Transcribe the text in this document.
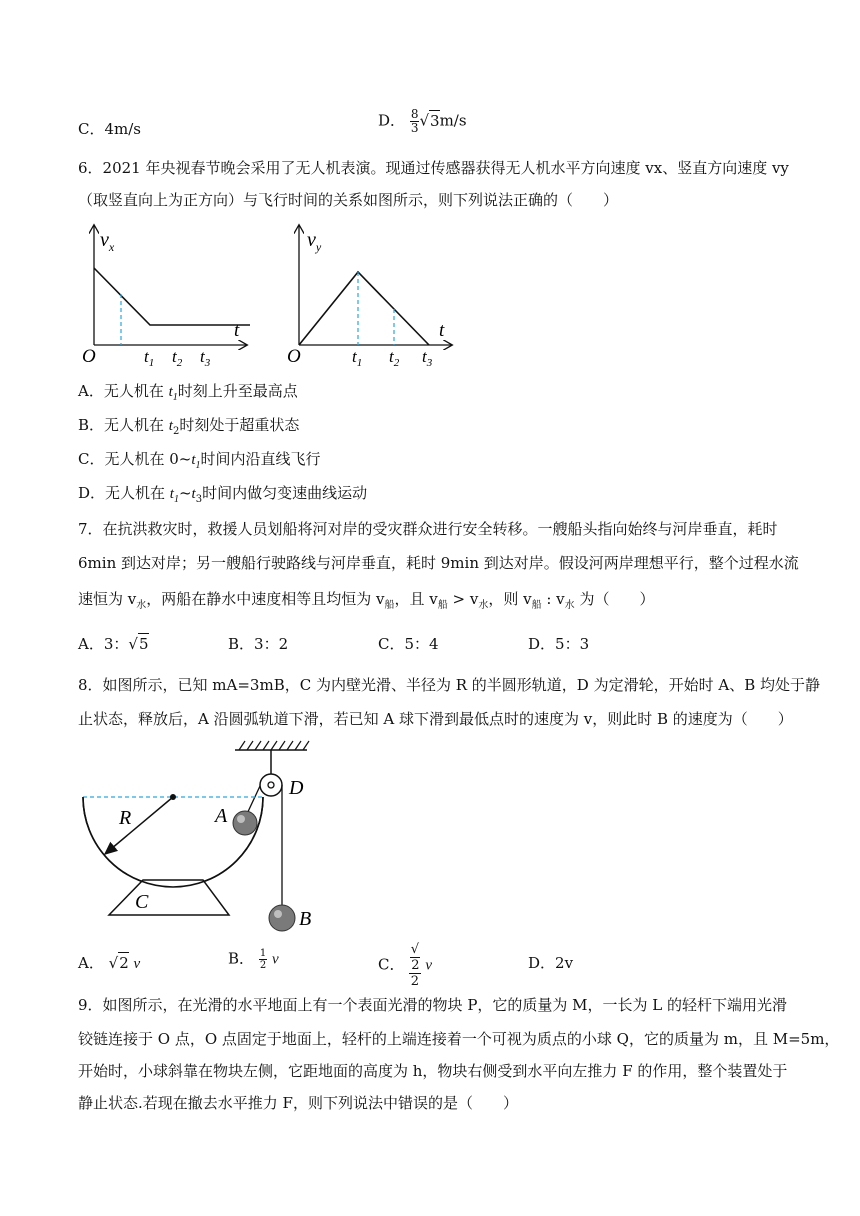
C．4m/s	D． $\frac{8}{3} √3m/s$
6．2021 年央视春节晚会采用了无人机表演。现通过传感器获得无人机水平方向速度 vx、竖直方向速度 vy
（取竖直向上为正方向）与飞行时间的关系如图所示，则下列说法正确的（　　）
$v_x$
t
O	$t_1$ $t_2$ $t_3$
$v_y$
t
O	$t_1$ $t_2$ $t_3$
A．无人机在 $t_1$时刻上升至最高点
B．无人机在 $t_2$时刻处于超重状态
C．无人机在 $0\sim t_1$时间内沿直线飞行
D．无人机在 $t_1\sim t_3$时间内做匀变速曲线运动
7．在抗洪救灾时，救援人员划船将河对岸的受灾群众进行安全转移。一艘船头指向始终与河岸垂直，耗时
6min 到达对岸；另一艘船行驶路线与河岸垂直，耗时 9min 到达对岸。假设河两岸理想平行，整个过程水流
速恒为 $v_水$，两船在静水中速度相等且均恒为 $v_船$，且 $v_船 > v_水$，则 $v_船$ : $v_水$ 为（　　）
A．3：√5	B．3：2	C．5：4	D．5：3
8．如图所示，已知 mA=3mB，C 为内壁光滑、半径为 R 的半圆形轨道，D 为定滑轮，开始时 A、B 均处于静
止状态，释放后，A 沿圆弧轨道下滑，若已知 A 球下滑到最低点时的速度为 v，则此时 B 的速度为（　　）
R	A
D
C
B
A． √2 v	B． $\frac{1}{2}$ v	C． √
2
2 v	D．2v
9．如图所示，在光滑的水平地面上有一个表面光滑的物块 P，它的质量为 M，一长为 L 的轻杆下端用光滑
铰链连接于 O 点，O 点固定于地面上，轻杆的上端连接着一个可视为质点的小球 Q，它的质量为 m，且 M=5m，
开始时，小球斜靠在物块左侧，它距地面的高度为 h，物块右侧受到水平向左推力 F 的作用，整个装置处于
静止状态.若现在撤去水平推力 F，则下列说法中错误的是（　　）
